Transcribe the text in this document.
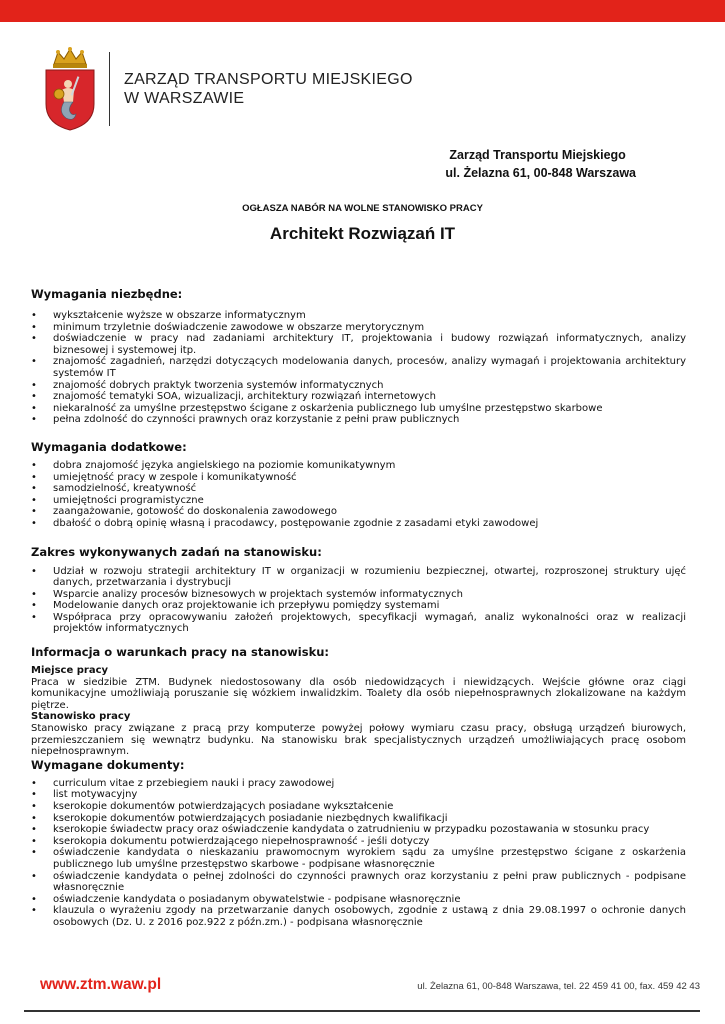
ZARZĄD TRANSPORTU MIEJSKIEGO
W WARSZAWIE
Zarząd Transportu Miejskiego
ul. Żelazna 61, 00-848 Warszawa
OGŁASZA NABÓR NA WOLNE STANOWISKO PRACY
Architekt Rozwiązań IT
Wymagania niezbędne:
• wykształcenie wyższe w obszarze informatycznym
• minimum trzyletnie doświadczenie zawodowe w obszarze merytorycznym
• doświadczenie w pracy nad zadaniami architektury IT, projektowania i budowy rozwiązań informatycznych, analizy biznesowej i systemowej itp.
• znajomość zagadnień, narzędzi dotyczących modelowania danych, procesów, analizy wymagań i projektowania architektury systemów IT
• znajomość dobrych praktyk tworzenia systemów informatycznych
• znajomość tematyki SOA, wizualizacji, architektury rozwiązań internetowych
• niekaralność za umyślne przestępstwo ścigane z oskarżenia publicznego lub umyślne przestępstwo skarbowe
• pełna zdolność do czynności prawnych oraz korzystanie z pełni praw publicznych
Wymagania dodatkowe:
• dobra znajomość języka angielskiego na poziomie komunikatywnym
• umiejętność pracy w zespole i komunikatywność
• samodzielność, kreatywność
• umiejętności programistyczne
• zaangażowanie, gotowość do doskonalenia zawodowego
• dbałość o dobrą opinię własną i pracodawcy, postępowanie zgodnie z zasadami etyki zawodowej
Zakres wykonywanych zadań na stanowisku:
• Udział w rozwoju strategii architektury IT w organizacji w rozumieniu bezpiecznej, otwartej, rozproszonej struktury ujęć danych, przetwarzania i dystrybucji
• Wsparcie analizy procesów biznesowych w projektach systemów informatycznych
• Modelowanie danych oraz projektowanie ich przepływu pomiędzy systemami
• Współpraca przy opracowywaniu założeń projektowych, specyfikacji wymagań, analiz wykonalności oraz w realizacji projektów informatycznych
Informacja o warunkach pracy na stanowisku:
Miejsce pracy
Praca w siedzibie ZTM. Budynek niedostosowany dla osób niedowidzących i niewidzących. Wejście główne oraz ciągi komunikacyjne umożliwiają poruszanie się wózkiem inwalidzkim. Toalety dla osób niepełnosprawnych zlokalizowane na każdym piętrze.
Stanowisko pracy
Stanowisko pracy związane z pracą przy komputerze powyżej połowy wymiaru czasu pracy, obsługą urządzeń biurowych, przemieszczaniem się wewnątrz budynku. Na stanowisku brak specjalistycznych urządzeń umożliwiających pracę osobom niepełnosprawnym.
Wymagane dokumenty:
• curriculum vitae z przebiegiem nauki i pracy zawodowej
• list motywacyjny
• kserokopie dokumentów potwierdzających posiadane wykształcenie
• kserokopie dokumentów potwierdzających posiadanie niezbędnych kwalifikacji
• kserokopie świadectw pracy oraz oświadczenie kandydata o zatrudnieniu w przypadku pozostawania w stosunku pracy
• kserokopia dokumentu potwierdzającego niepełnosprawność - jeśli dotyczy
• oświadczenie kandydata o nieskazaniu prawomocnym wyrokiem sądu za umyślne przestępstwo ścigane z oskarżenia publicznego lub umyślne przestępstwo skarbowe - podpisane własnoręcznie
• oświadczenie kandydata o pełnej zdolności do czynności prawnych oraz korzystaniu z pełni praw publicznych - podpisane własnoręcznie
• oświadczenie kandydata o posiadanym obywatelstwie - podpisane własnoręcznie
• klauzula o wyrażeniu zgody na przetwarzanie danych osobowych, zgodnie z ustawą z dnia 29.08.1997 o ochronie danych osobowych (Dz. U. z 2016 poz.922 z późn.zm.) - podpisana własnoręcznie
www.ztm.waw.pl	ul. Żelazna 61, 00-848 Warszawa, tel. 22 459 41 00, fax. 459 42 43
